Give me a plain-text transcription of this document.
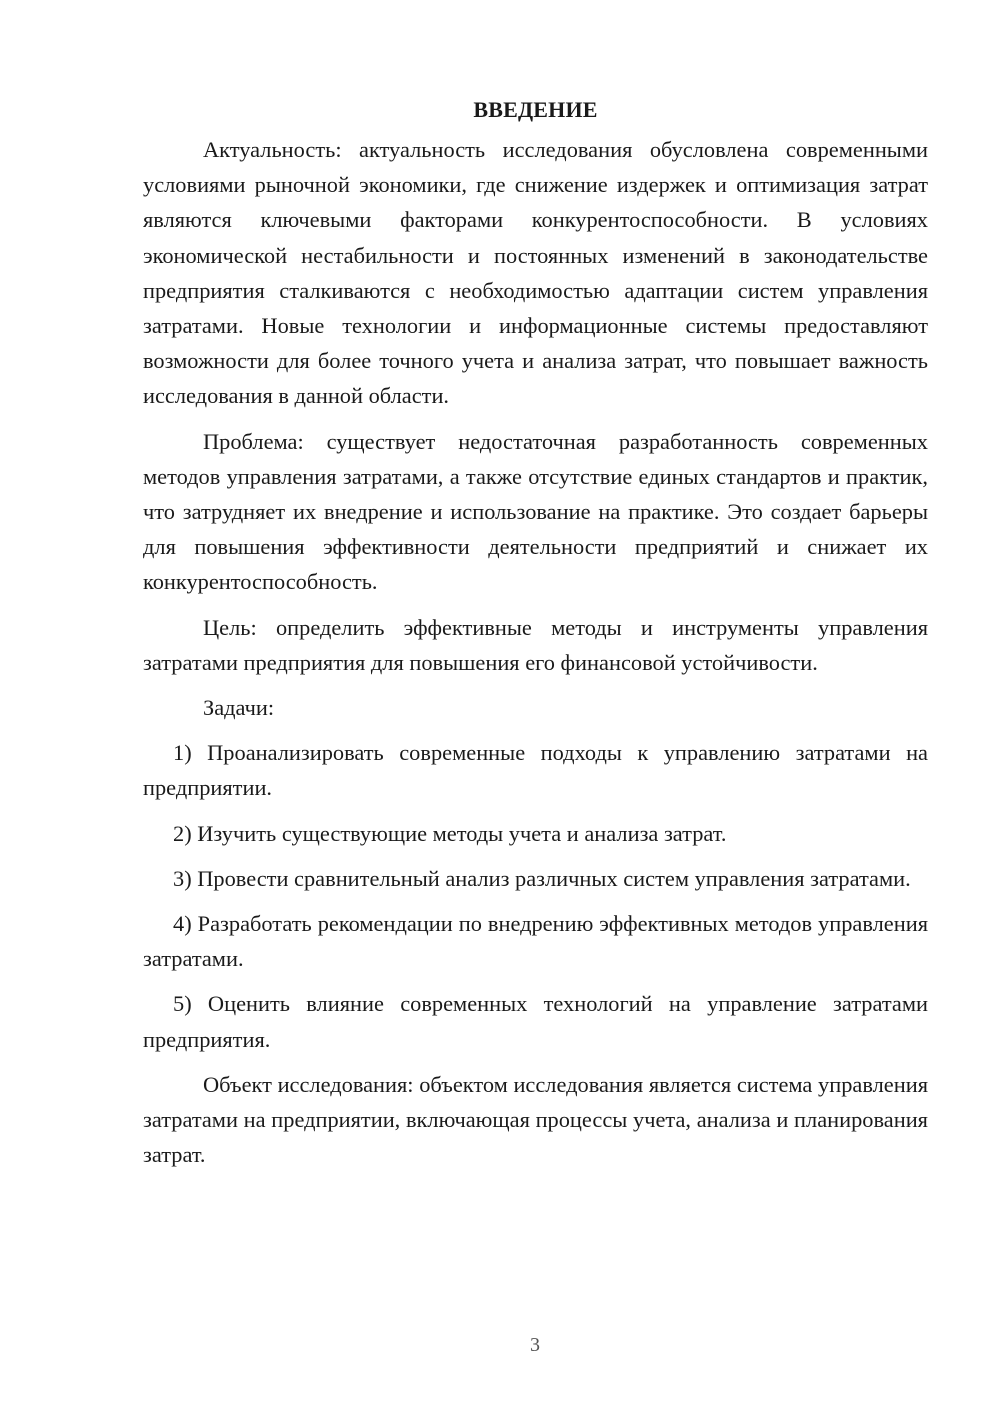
ВВЕДЕНИЕ

Актуальность: актуальность исследования обусловлена современными условиями рыночной экономики, где снижение издержек и оптимизация затрат являются ключевыми факторами конкурентоспособности. В условиях экономической нестабильности и постоянных изменений в законодательстве предприятия сталкиваются с необходимостью адаптации систем управления затратами. Новые технологии и информационные системы предоставляют возможности для более точного учета и анализа затрат, что повышает важность исследования в данной области.

Проблема: существует недостаточная разработанность современных методов управления затратами, а также отсутствие единых стандартов и практик, что затрудняет их внедрение и использование на практике. Это создает барьеры для повышения эффективности деятельности предприятий и снижает их конкурентоспособность.

Цель: определить эффективные методы и инструменты управления затратами предприятия для повышения его финансовой устойчивости.

Задачи:

1) Проанализировать современные подходы к управлению затратами на предприятии.

2) Изучить существующие методы учета и анализа затрат.

3) Провести сравнительный анализ различных систем управления затратами.

4) Разработать рекомендации по внедрению эффективных методов управления затратами.

5) Оценить влияние современных технологий на управление затратами предприятия.

Объект исследования: объектом исследования является система управления затратами на предприятии, включающая процессы учета, анализа и планирования затрат.

3
